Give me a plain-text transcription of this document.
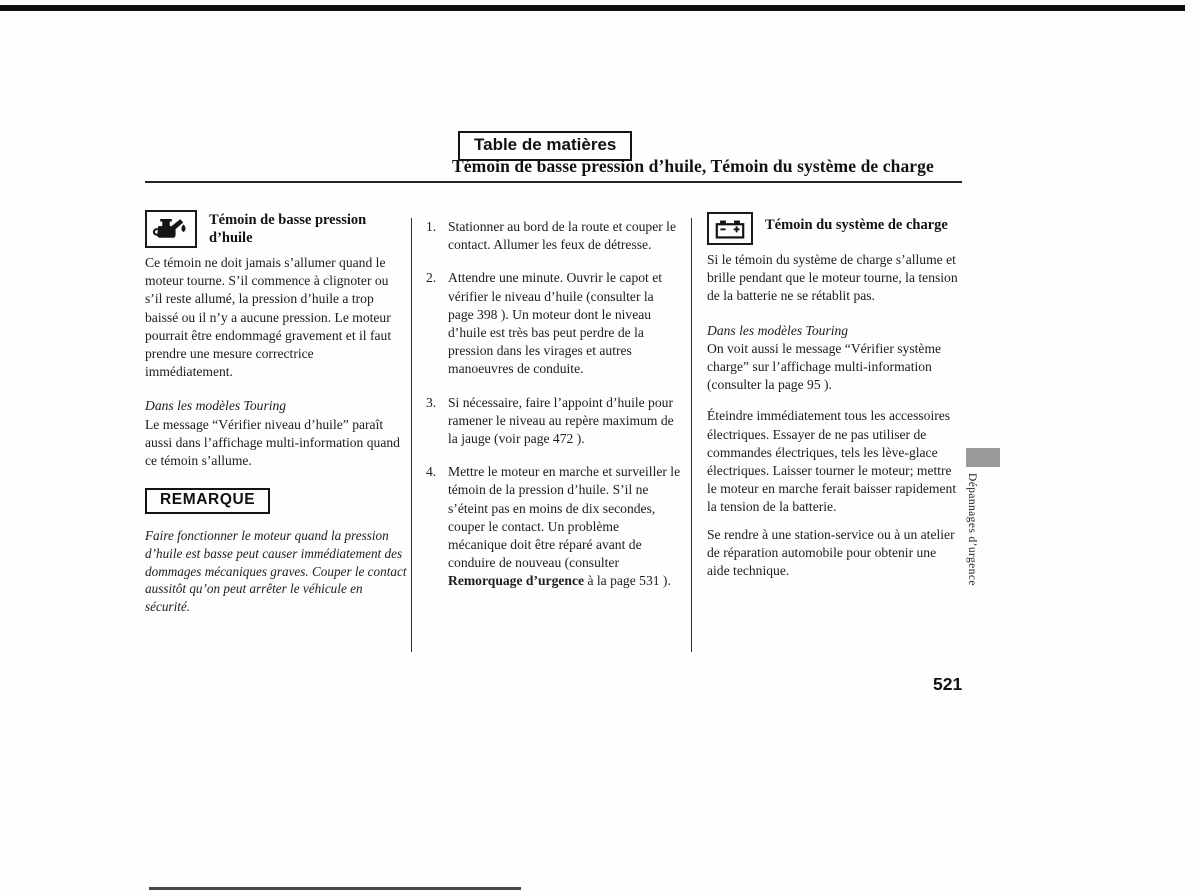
Table de matières
Témoin de basse pression d’huile, Témoin du système de charge
Témoin de basse pression d’huile

Ce témoin ne doit jamais s’allumer quand le moteur tourne. S’il commence à clignoter ou s’il reste allumé, la pression d’huile a trop baissé ou il n’y a aucune pression. Le moteur pourrait être endommagé gravement et il faut prendre une mesure correctrice immédiatement.

Dans les modèles Touring

Le message “Vérifier niveau d’huile” paraît aussi dans l’affichage multi-information quand ce témoin s’allume.

REMARQUE

Faire fonctionner le moteur quand la pression d’huile est basse peut causer immédiatement des dommages mécaniques graves. Couper le contact aussitôt qu’on peut arrêter le véhicule en sécurité.

1. Stationner au bord de la route et couper le contact. Allumer les feux de détresse.
2. Attendre une minute. Ouvrir le capot et vérifier le niveau d’huile (consulter la page 398 ). Un moteur dont le niveau d’huile est très bas peut perdre de la pression dans les virages et autres manoeuvres de conduite.
3. Si nécessaire, faire l’appoint d’huile pour ramener le niveau au repère maximum de la jauge (voir page 472 ).
4. Mettre le moteur en marche et surveiller le témoin de la pression d’huile. S’il ne s’éteint pas en moins de dix secondes, couper le contact. Un problème mécanique doit être réparé avant de conduire de nouveau (consulter Remorquage d’urgence à la page 531 ).
Témoin du système de charge

Si le témoin du système de charge s’allume et brille pendant que le moteur tourne, la tension de la batterie ne se rétablit pas.

Dans les modèles Touring

On voit aussi le message “Vérifier système charge” sur l’affichage multi-information (consulter la page 95 ).

Éteindre immédiatement tous les accessoires électriques. Essayer de ne pas utiliser de commandes électriques, tels les lève-glace électriques. Laisser tourner le moteur; mettre le moteur en marche ferait baisser rapidement la tension de la batterie.

Se rendre à une station-service ou à un atelier de réparation automobile pour obtenir une aide technique.	Dépannages d’urgence
521
